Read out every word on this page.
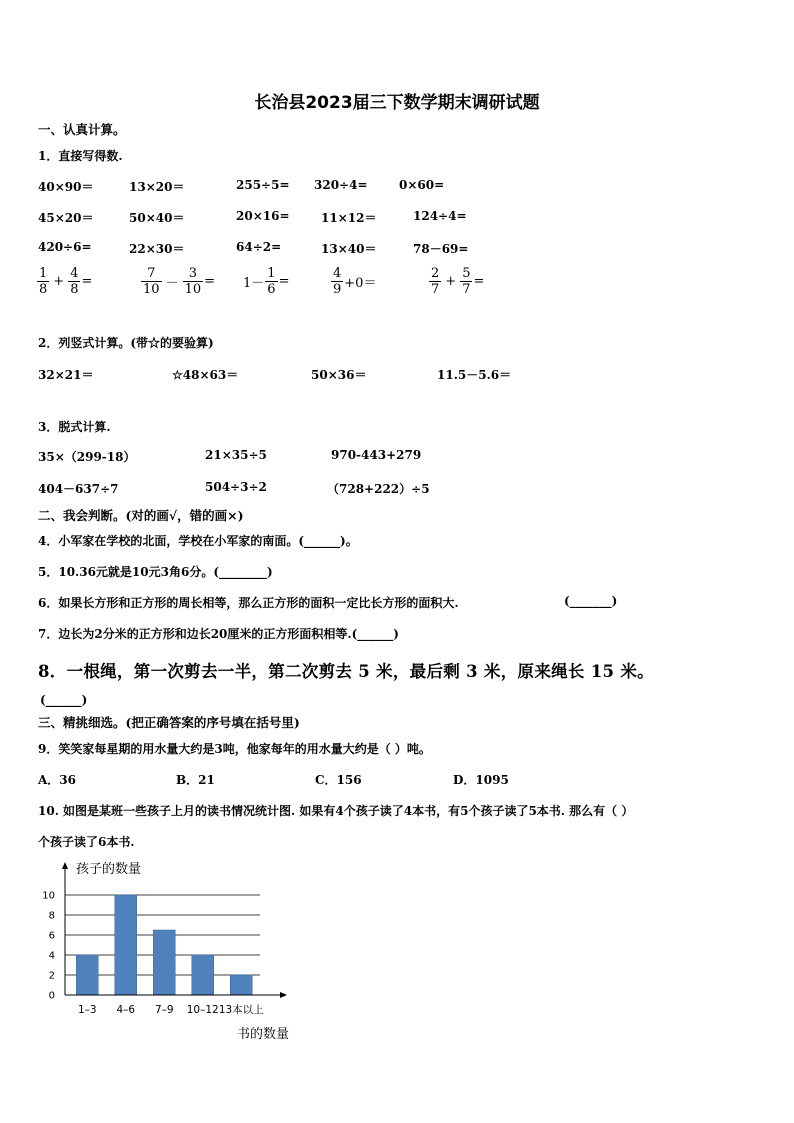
长治县2023届三下数学期末调研试题
一、认真计算。
1．直接写得数.
40×90＝	13×20＝	255÷5= 320÷4=	0×60=
45×20＝	50×40＝	20×16=	11×12＝	124÷4=
420÷6=	22×30＝	64÷2=	13×40＝	78－69=
$\frac{1}{8} + \frac{4}{8}$ =	$\frac{7}{10} - \frac{3}{10} = 1- \frac{1}{6}$ =	$\frac{4}{9} +0=$	$\frac{2}{7} + \frac{5}{7}$ =
2．列竖式计算。(带☆的要验算)
32×21＝	☆48×63＝	50×36＝	11.5－5.6＝
3．脱式计算.
35×（299-18）	21×35÷5	970-443+279
404－637÷7	504÷3÷2	（728+222）÷5
二、我会判断。(对的画√，错的画×)
4．小军家在学校的北面，学校在小军家的南面。(______)。
5．10.36元就是10元3角6分。(________)
6．如果长方形和正方形的周长相等，那么正方形的面积一定比长方形的面积大.	(_______)
7．边长为2分米的正方形和边长20厘米的正方形面积相等.(______)
8．一根绳，第一次剪去一半，第二次剪去 5 米，最后剩 3 米，原来绳长 15 米。
(______)
三、精挑细选。(把正确答案的序号填在括号里)
9．笑笑家每星期的用水量大约是3吨，他家每年的用水量大约是（ ）吨。
A．36	B．21	C．156	D．1095
10. 如图是某班一些孩子上月的读书情况统计图. 如果有4个孩子读了4本书，有5个孩子读了5本书. 那么有（ ）
个孩子读了6本书.
孩子的数量
书的数量
0
2
4
6
8
10
1–3 4–6 7–9 10–12 13本以上
